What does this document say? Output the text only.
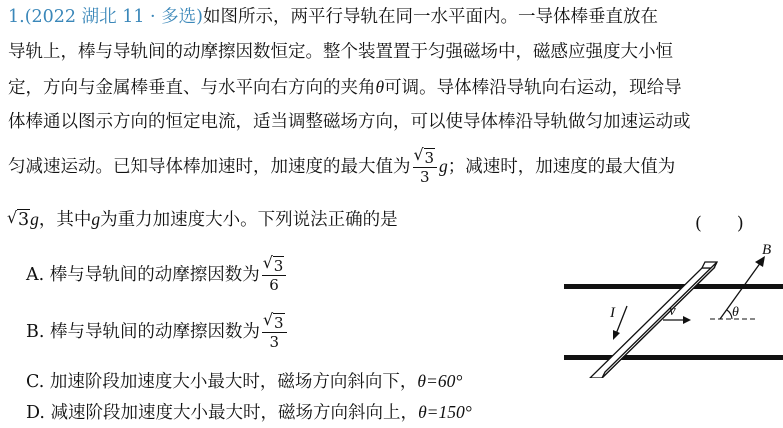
1.(2022 湖北 11 · 多选)如图所示，两平行导轨在同一水平面内。一导体棒垂直放在
导轨上，棒与导轨间的动摩擦因数恒定。整个装置置于匀强磁场中，磁感应强度大小恒
定，方向与金属棒垂直、与水平向右方向的夹角θ可调。导体棒沿导轨向右运动，现给导
体棒通以图示方向的恒定电流，适当调整磁场方向，可以使导体棒沿导轨做匀加速运动或
匀减速运动。已知导体棒加速时，加速度的最大值为 √ $\frac{3}{3}$ g；减速时，加速度的最大值为
√ 3g，其中g为重力加速度大小。下列说法正确的是	(　　)
A. 棒与导轨间的动摩擦因数为 √ $\frac{3}{6}$
B. 棒与导轨间的动摩擦因数为 √ $\frac{3}{3}$
C. 加速阶段加速度大小最大时，磁场方向斜向下，θ=60°
D. 减速阶段加速度大小最大时，磁场方向斜向上，θ=150°
I	v
B
θ
